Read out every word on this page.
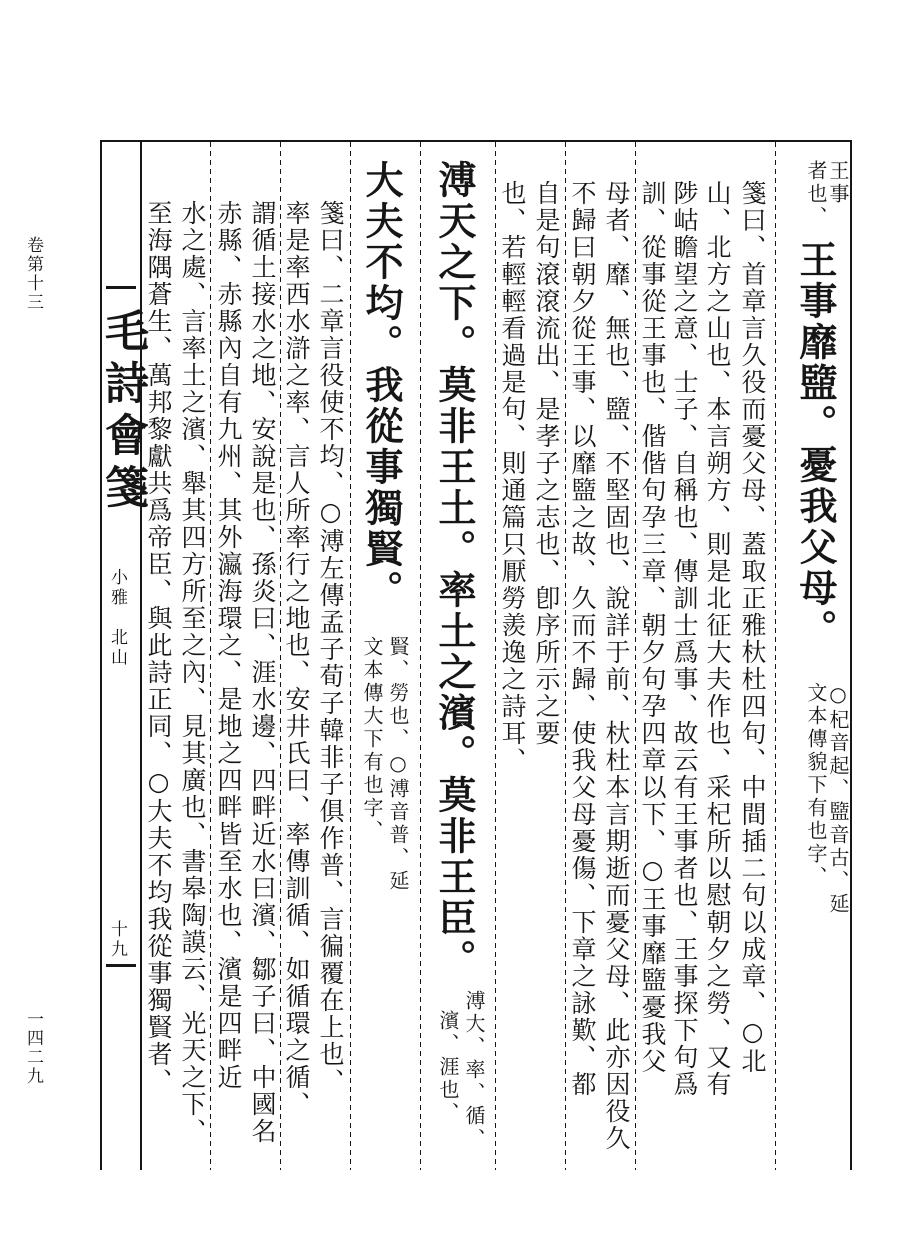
卷第十三
一四二九
毛詩會箋
小雅
北山
十九
王事
者也、
王事靡盬。憂我父母。
○杞音起、盬音古、延
文本傳貌下有也字、
箋曰、首章言久役而憂父母、蓋取正雅杕杜四句、中間插二句以成章、○北
山、北方之山也、本言朔方、則是北征大夫作也、采杞所以慰朝夕之勞、又有
陟岵瞻望之意、士子、自稱也、傳訓士爲事、故云有王事者也、王事探下句爲
訓、從事從王事也、偕偕句孕三章、朝夕句孕四章以下、○王事靡盬憂我父
母者、靡、無也、盬、不堅固也、說詳于前、杕杜本言期逝而憂父母、此亦因役久
不歸曰朝夕從王事、以靡盬之故、久而不歸、使我父母憂傷、下章之詠歎、都
自是句滾滾流出、是孝子之志也、卽序所示之要
也、若輕輕看過是句、則通篇只厭勞羨逸之詩耳、
溥天之下。莫非王土。率土之濱。莫非王臣。
溥大、率、循、
濱、涯也、
大夫不均。我從事獨賢。
賢、勞也、○溥音普、延
文本傳大下有也字、
箋曰、二章言役使不均、○溥左傳孟子荀子韓非子俱作普、言徧覆在上也、
率是率西水滸之率、言人所率行之地也、安井氏曰、率傳訓循、如循環之循、
謂循土接水之地、安說是也、孫炎曰、涯水邊、四畔近水曰濱、鄒子曰、中國名
赤縣、赤縣內自有九州、其外瀛海環之、是地之四畔皆至水也、濱是四畔近
水之處、言率土之濱、舉其四方所至之內、見其廣也、書皋陶謨云、光天之下、
至海隅蒼生、萬邦黎獻共爲帝臣、與此詩正同、○大夫不均我從事獨賢者、
